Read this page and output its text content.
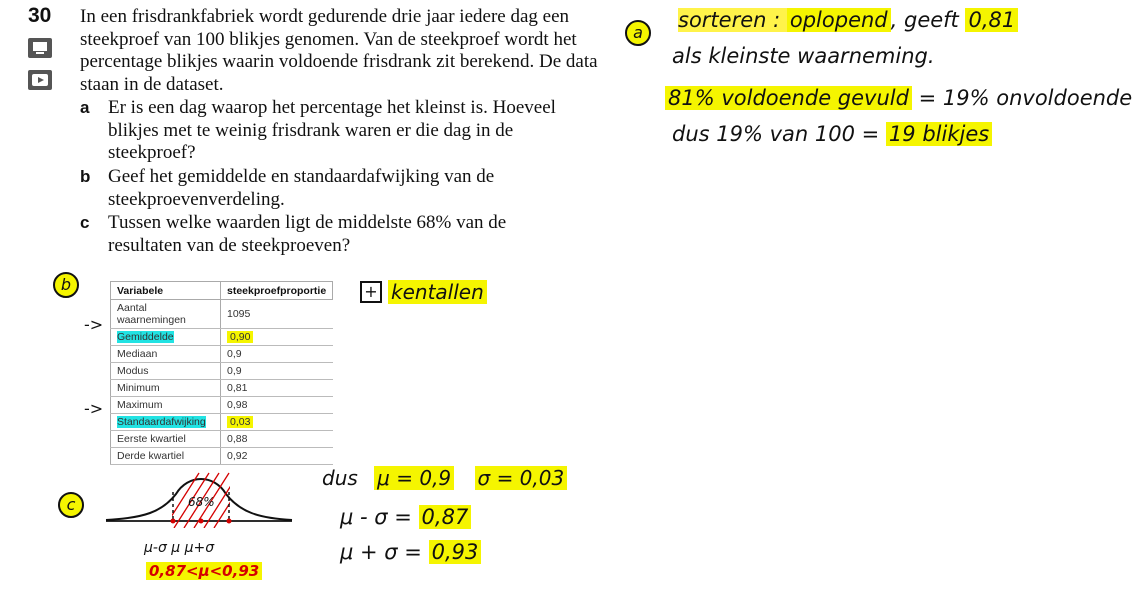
30 In een frisdrankfabriek wordt gedurende drie jaar iedere dag een steekproef van 100 blikjes genomen. Van de steekproef wordt het percentage blikjes waarin voldoende frisdrank zit berekend. De data staan in de dataset.
a Er is een dag waarop het percentage het kleinst is. Hoeveel blikjes met te weinig frisdrank waren er die dag in de steekproef?
b Geef het gemiddelde en standaardafwijking van de steekproevenverdeling.
c Tussen welke waarden ligt de middelste 68% van de resultaten van de steekproeven?
a
sorteren : oplopend , geeft 0,81
als kleinste waarneming.
81% voldoende gevuld = 19% onvoldoende
dus 19% van 100 = 19 blikjes
b
->
->
+ kentallen
Variabele	steekproefproportie
Aantal waarnemingen	1095
Gemiddelde	0,90
Mediaan	0,9
Modus	0,9
Minimum	0,81
Maximum	0,98
Standaardafwijking	0,03
Eerste kwartiel	0,88
Derde kwartiel	0,92
c	68%
μ-σ μ μ+σ
0,87<μ<0,93
dus μ = 0,9 σ = 0,03
μ - σ = 0,87
μ + σ = 0,93
